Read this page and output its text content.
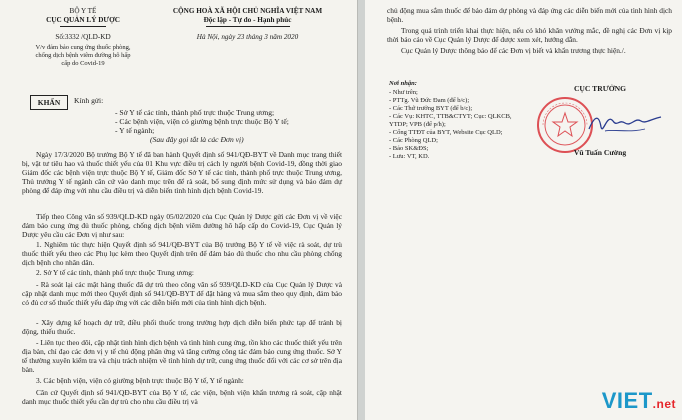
BỘ Y TẾ
CỤC QUẢN LÝ DƯỢC
Số:3332 /QLD-KD
V/v đảm bảo cung ứng thuốc phòng,
chống dịch bệnh viêm đường hô hấp
cấp do Covid-19
CỘNG HOÀ XÃ HỘI CHỦ NGHĨA VIỆT NAM
Độc lập - Tự do - Hạnh phúc
Hà Nội, ngày 23 tháng 3 năm 2020
KHẨN	Kính gửi:
- Sở Y tế các tỉnh, thành phố trực thuộc Trung ương;
- Các bệnh viện, viện có giường bệnh trực thuộc Bộ Y tế;
- Y tế ngành;
(Sau đây gọi tắt là các Đơn vị)
Ngày 17/3/2020 Bộ trưởng Bộ Y tế đã ban hành Quyết định số 941/QĐ-BYT về Danh mục trang thiết bị, vật tư tiêu hao và thuốc thiết yếu của 01 Khu vực điều trị cách ly người bệnh Covid-19, đồng thời giao Giám đốc các bệnh viện trực thuộc Bộ Y tế, Giám đốc Sở Y tế các tỉnh, thành phố trực thuộc Trung ương, Thủ trưởng Y tế ngành căn cứ vào danh mục trên để rà soát, bổ sung định mức sử dụng và bảo đảm dự phòng để đáp ứng với nhu cầu điều trị và diễn biến tình hình dịch bệnh Covid-19.
Tiếp theo Công văn số 939/QLD-KD ngày 05/02/2020 của Cục Quản lý Dược gửi các Đơn vị về việc đảm bảo cung ứng đủ thuốc phòng, chống dịch bệnh viêm đường hô hấp cấp do Covid-19, Cục Quản lý Dược yêu cầu các Đơn vị như sau:
1. Nghiêm túc thực hiện Quyết định số 941/QĐ-BYT của Bộ trưởng Bộ Y tế về việc rà soát, dự trù thuốc thiết yếu theo các Phụ lục kèm theo Quyết định trên để đảm bảo đủ thuốc cho nhu cầu phòng chống dịch bệnh cho nhân dân.
2. Sở Y tế các tỉnh, thành phố trực thuộc Trung ương:
- Rà soát lại các mặt hàng thuốc đã dự trù theo công văn số 939/QLD-KD của Cục Quản lý Dược và cập nhật danh mục mới theo Quyết định số 941/QĐ-BYT để đặt hàng và mua sắm theo quy định, đảm bảo có đủ cơ số thuốc thiết yếu đáp ứng với các diễn biến mới của tình hình dịch bệnh.
- Xây dựng kế hoạch dự trữ, điều phối thuốc trong trường hợp dịch diễn biến phức tạp để tránh bị động, thiếu thuốc.
- Liên tục theo dõi, cập nhật tình hình dịch bệnh và tình hình cung ứng, tồn kho các thuốc thiết yếu trên địa bàn, chỉ đạo các đơn vị y tế chủ động phân ứng và tăng cường công tác đảm bảo cung ứng thuốc. Sở Y tế thường xuyên kiểm tra và chịu trách nhiệm về tình hình dự trữ, cung ứng thuốc đối với các cơ sở trên địa bàn.
3. Các bệnh viện, viện có giường bệnh trực thuộc Bộ Y tế, Y tế ngành:
Căn cứ Quyết định số 941/QĐ-BYT của Bộ Y tế, các viện, bệnh viện khẩn trương rà soát, cập nhật danh mục thuốc thiết yếu cần dự trù cho nhu cầu điều trị và
chủ động mua sắm thuốc để bảo đảm dự phòng và đáp ứng các diễn biến mới của tình hình dịch bệnh.
Trong quá trình triển khai thực hiện, nếu có khó khăn vướng mắc, đề nghị các Đơn vị kịp thời báo cáo về Cục Quản lý Dược để được xem xét, hướng dẫn.
Cục Quản lý Dược thông báo để các Đơn vị biết và khẩn trương thực hiện./.
Nơi nhận:
- Như trên;
- PTTg. Vũ Đức Đam (để b/c);
- Các Thứ trưởng BYT (để b/c);
- Các Vụ: KHTC, TTB&CTYT; Cục: QLKCB,
YTDP; VPB (để p/h);
- Cổng TTĐT của BYT, Website Cục QLD;
- Các Phòng QLD;
- Bảo SK&ĐS;
- Lưu: VT, KD.
CỤC TRƯỞNG
Vũ Tuấn Cường
VIET.net
